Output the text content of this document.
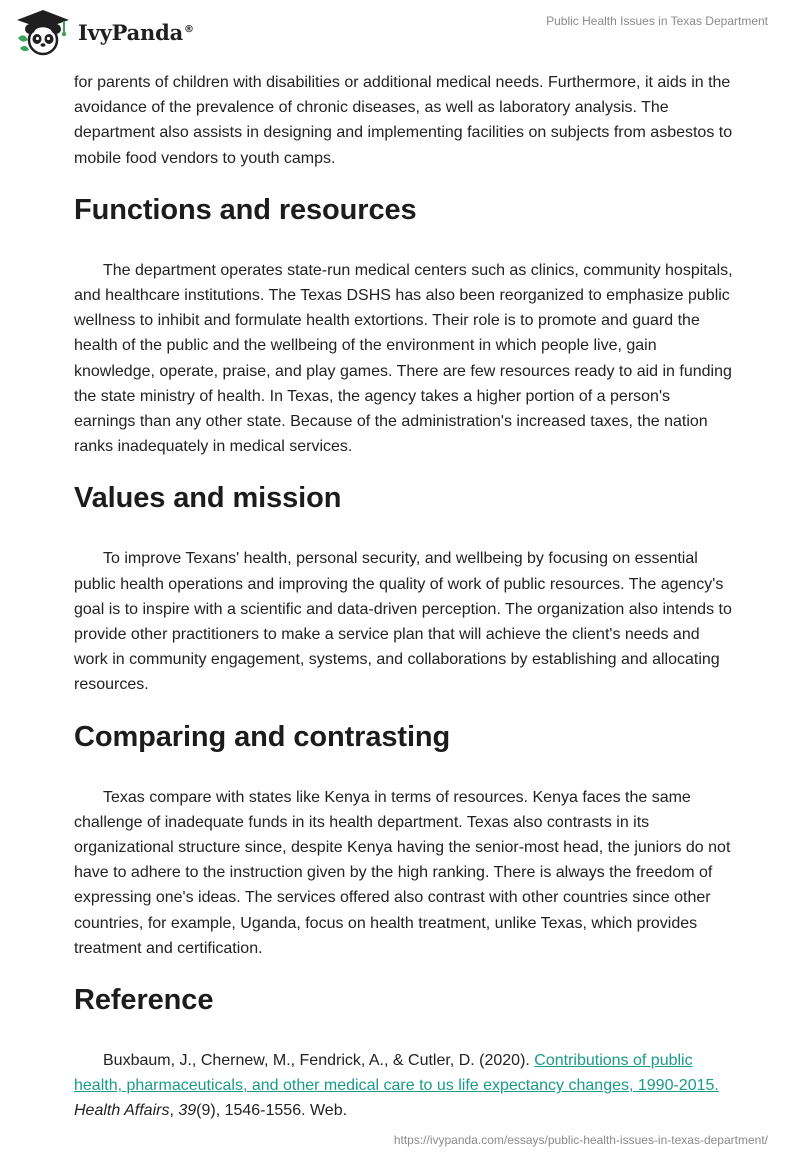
IvyPanda®
Public Health Issues in Texas Department

for parents of children with disabilities or additional medical needs. Furthermore, it aids in the avoidance of the prevalence of chronic diseases, as well as laboratory analysis. The department also assists in designing and implementing facilities on subjects from asbestos to mobile food vendors to youth camps.

Functions and resources

The department operates state-run medical centers such as clinics, community hospitals, and healthcare institutions. The Texas DSHS has also been reorganized to emphasize public wellness to inhibit and formulate health extortions. Their role is to promote and guard the health of the public and the wellbeing of the environment in which people live, gain knowledge, operate, praise, and play games. There are few resources ready to aid in funding the state ministry of health. In Texas, the agency takes a higher portion of a person's earnings than any other state. Because of the administration's increased taxes, the nation ranks inadequately in medical services.

Values and mission

To improve Texans' health, personal security, and wellbeing by focusing on essential public health operations and improving the quality of work of public resources. The agency's goal is to inspire with a scientific and data-driven perception. The organization also intends to provide other practitioners to make a service plan that will achieve the client's needs and work in community engagement, systems, and collaborations by establishing and allocating resources.

Comparing and contrasting

Texas compare with states like Kenya in terms of resources. Kenya faces the same challenge of inadequate funds in its health department. Texas also contrasts in its organizational structure since, despite Kenya having the senior-most head, the juniors do not have to adhere to the instruction given by the high ranking. There is always the freedom of expressing one's ideas. The services offered also contrast with other countries since other countries, for example, Uganda, focus on health treatment, unlike Texas, which provides treatment and certification.

Reference

Buxbaum, J., Chernew, M., Fendrick, A., & Cutler, D. (2020). Contributions of public health, pharmaceuticals, and other medical care to us life expectancy changes, 1990-2015. Health Affairs, 39(9), 1546-1556. Web.

https://ivypanda.com/essays/public-health-issues-in-texas-department/
